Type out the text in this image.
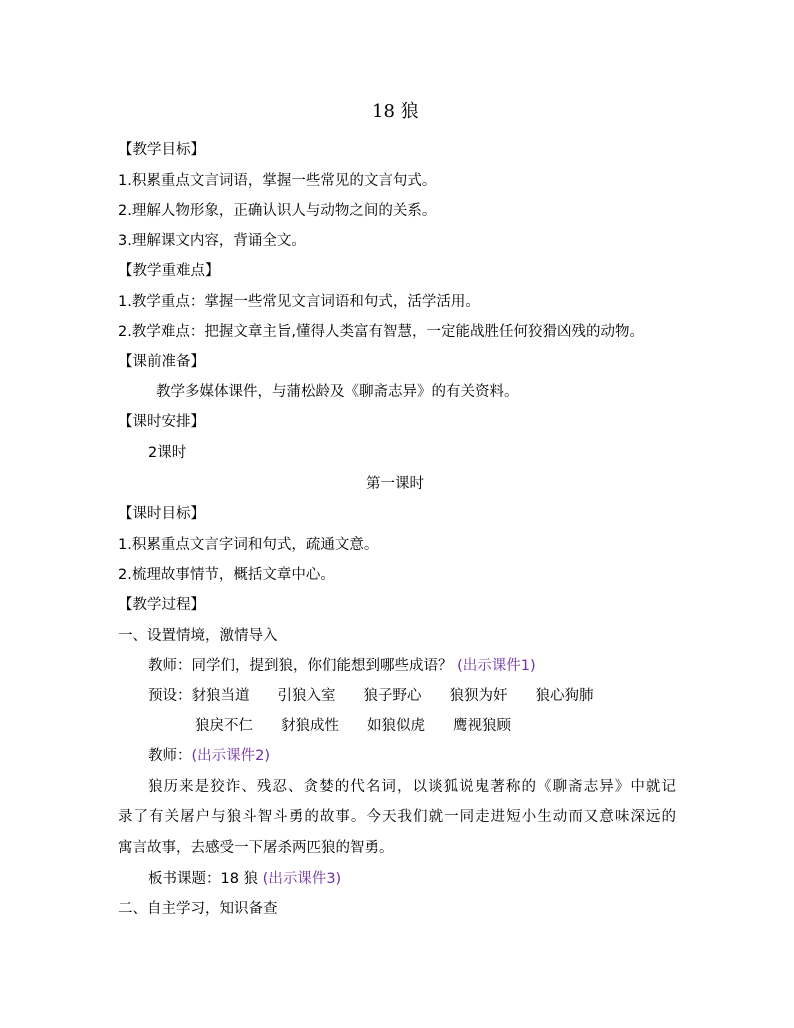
18 狼
【教学目标】
1.积累重点文言词语，掌握一些常见的文言句式。
2.理解人物形象，正确认识人与动物之间的关系。
3.理解课文内容，背诵全文。
【教学重难点】
1.教学重点：掌握一些常见文言词语和句式，活学活用。
2.教学难点：把握文章主旨,懂得人类富有智慧，一定能战胜任何狡猾凶残的动物。
【课前准备】
教学多媒体课件，与蒲松龄及《聊斋志异》的有关资料。
【课时安排】
2课时
第一课时
【课时目标】
1.积累重点文言字词和句式，疏通文意。
2.梳理故事情节，概括文章中心。
【教学过程】
一、设置情境，激情导入
教师：同学们，提到狼，你们能想到哪些成语？ (出示课件1)
预设：豺狼当道 引狼入室 狼子野心 狼狈为奸 狼心狗肺
狼戾不仁 豺狼成性 如狼似虎 鹰视狼顾
教师：(出示课件2)
狼历来是狡诈、残忍、贪婪的代名词，以谈狐说鬼著称的《聊斋志异》中就记
录了有关屠户与狼斗智斗勇的故事。今天我们就一同走进短小生动而又意味深远的
寓言故事，去感受一下屠杀两匹狼的智勇。
板书课题：18 狼 (出示课件3)
二、自主学习，知识备查
